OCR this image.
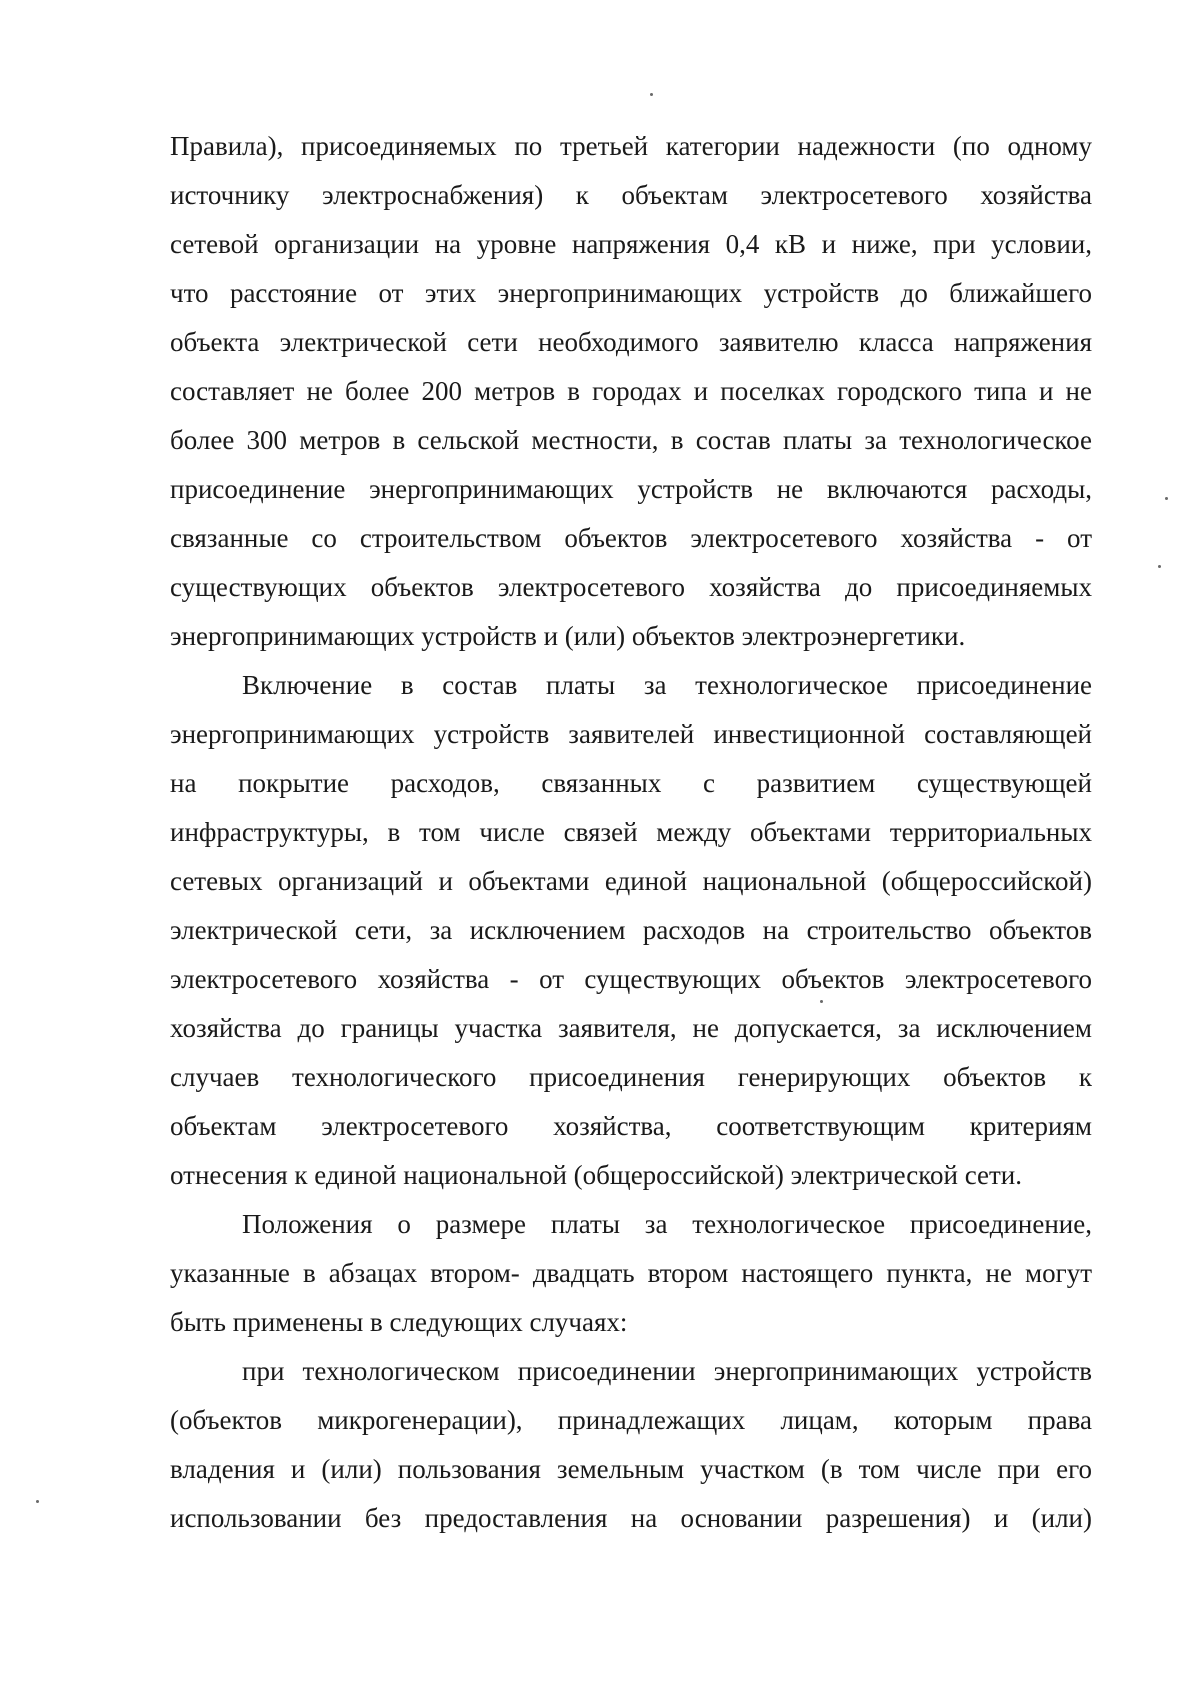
Правила), присоединяемых по третьей категории надежности (по одному
источнику электроснабжения) к объектам электросетевого хозяйства
сетевой организации на уровне напряжения 0,4 кВ и ниже, при условии,
что расстояние от этих энергопринимающих устройств до ближайшего
объекта электрической сети необходимого заявителю класса напряжения
составляет не более 200 метров в городах и поселках городского типа и не
более 300 метров в сельской местности, в состав платы за технологическое
присоединение энергопринимающих устройств не включаются расходы,
связанные со строительством объектов электросетевого хозяйства - от
существующих объектов электросетевого хозяйства до присоединяемых
энергопринимающих устройств и (или) объектов электроэнергетики.
Включение в состав платы за технологическое присоединение
энергопринимающих устройств заявителей инвестиционной составляющей
на покрытие расходов, связанных с развитием существующей
инфраструктуры, в том числе связей между объектами территориальных
сетевых организаций и объектами единой национальной (общероссийской)
электрической сети, за исключением расходов на строительство объектов
электросетевого хозяйства - от существующих объектов электросетевого
хозяйства до границы участка заявителя, не допускается, за исключением
случаев технологического присоединения генерирующих объектов к
объектам электросетевого хозяйства, соответствующим критериям
отнесения к единой национальной (общероссийской) электрической сети.
Положения о размере платы за технологическое присоединение,
указанные в абзацах втором- двадцать втором настоящего пункта, не могут
быть применены в следующих случаях:
при технологическом присоединении энергопринимающих устройств
(объектов микрогенерации), принадлежащих лицам, которым права
владения и (или) пользования земельным участком (в том числе при его
использовании без предоставления на основании разрешения) и (или)
